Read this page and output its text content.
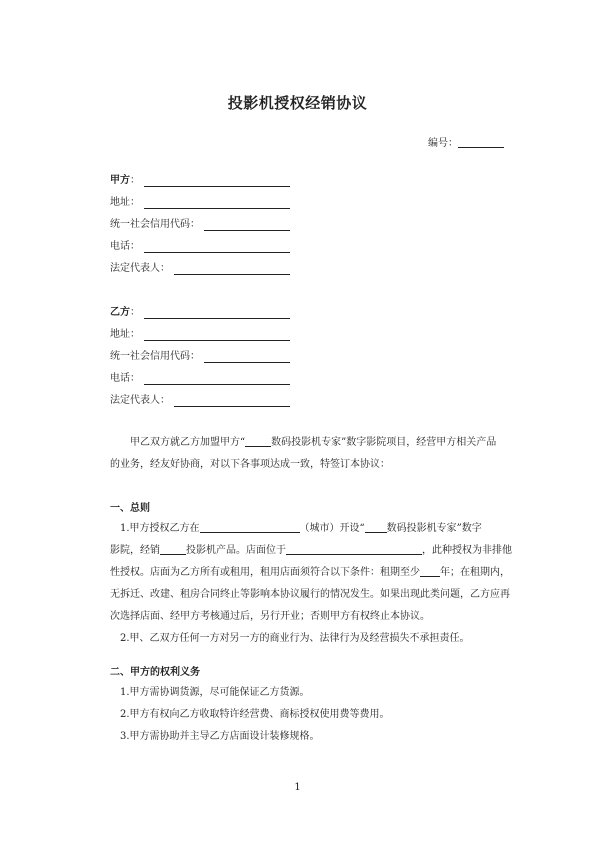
投影机授权经销协议
编号：
甲方：
地址：
统一社会信用代码：
电话：
法定代表人：
乙方：
地址：
统一社会信用代码：
电话：
法定代表人：
甲乙双方就乙方加盟甲方“	数码投影机专家”数字影院项目，经营甲方相关产品
的业务，经友好协商，对以下各事项达成一致，特签订本协议：
一、总则
1.甲方授权乙方在	（城市）开设“ 数码投影机专家”数字
影院，经销	投影机产品。店面位于	，此种授权为非排他
性授权。店面为乙方所有或租用，租用店面须符合以下条件：租期至少 年；在租期内，
无拆迁、改建、租房合同终止等影响本协议履行的情况发生。如果出现此类问题，乙方应再
次选择店面、经甲方考核通过后，另行开业；否则甲方有权终止本协议。
2.甲、乙双方任何一方对另一方的商业行为、法律行为及经营损失不承担责任。
二、甲方的权利义务
1.甲方需协调货源，尽可能保证乙方货源。
2.甲方有权向乙方收取特许经营费、商标授权使用费等费用。
3.甲方需协助并主导乙方店面设计装修规格。
1
